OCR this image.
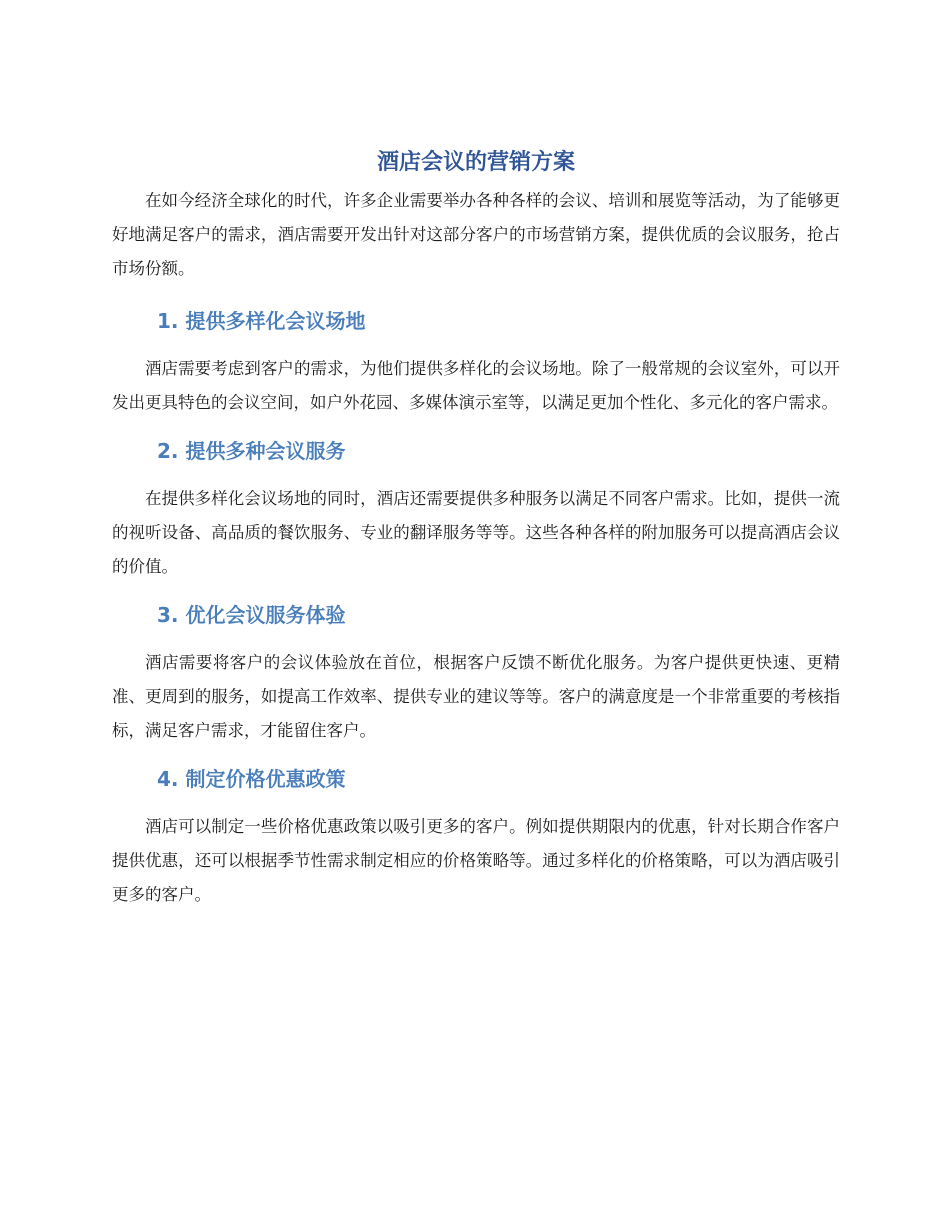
酒店会议的营销方案

在如今经济全球化的时代，许多企业需要举办各种各样的会议、培训和展览等活动，为了能够更好地满足客户的需求，酒店需要开发出针对这部分客户的市场营销方案，提供优质的会议服务，抢占市场份额。

1. 提供多样化会议场地

酒店需要考虑到客户的需求，为他们提供多样化的会议场地。除了一般常规的会议室外，可以开发出更具特色的会议空间，如户外花园、多媒体演示室等，以满足更加个性化、多元化的客户需求。

2. 提供多种会议服务

在提供多样化会议场地的同时，酒店还需要提供多种服务以满足不同客户需求。比如，提供一流的视听设备、高品质的餐饮服务、专业的翻译服务等等。这些各种各样的附加服务可以提高酒店会议的价值。

3. 优化会议服务体验

酒店需要将客户的会议体验放在首位，根据客户反馈不断优化服务。为客户提供更快速、更精准、更周到的服务，如提高工作效率、提供专业的建议等等。客户的满意度是一个非常重要的考核指标，满足客户需求，才能留住客户。

4. 制定价格优惠政策

酒店可以制定一些价格优惠政策以吸引更多的客户。例如提供期限内的优惠，针对长期合作客户提供优惠，还可以根据季节性需求制定相应的价格策略等。通过多样化的价格策略，可以为酒店吸引更多的客户。
